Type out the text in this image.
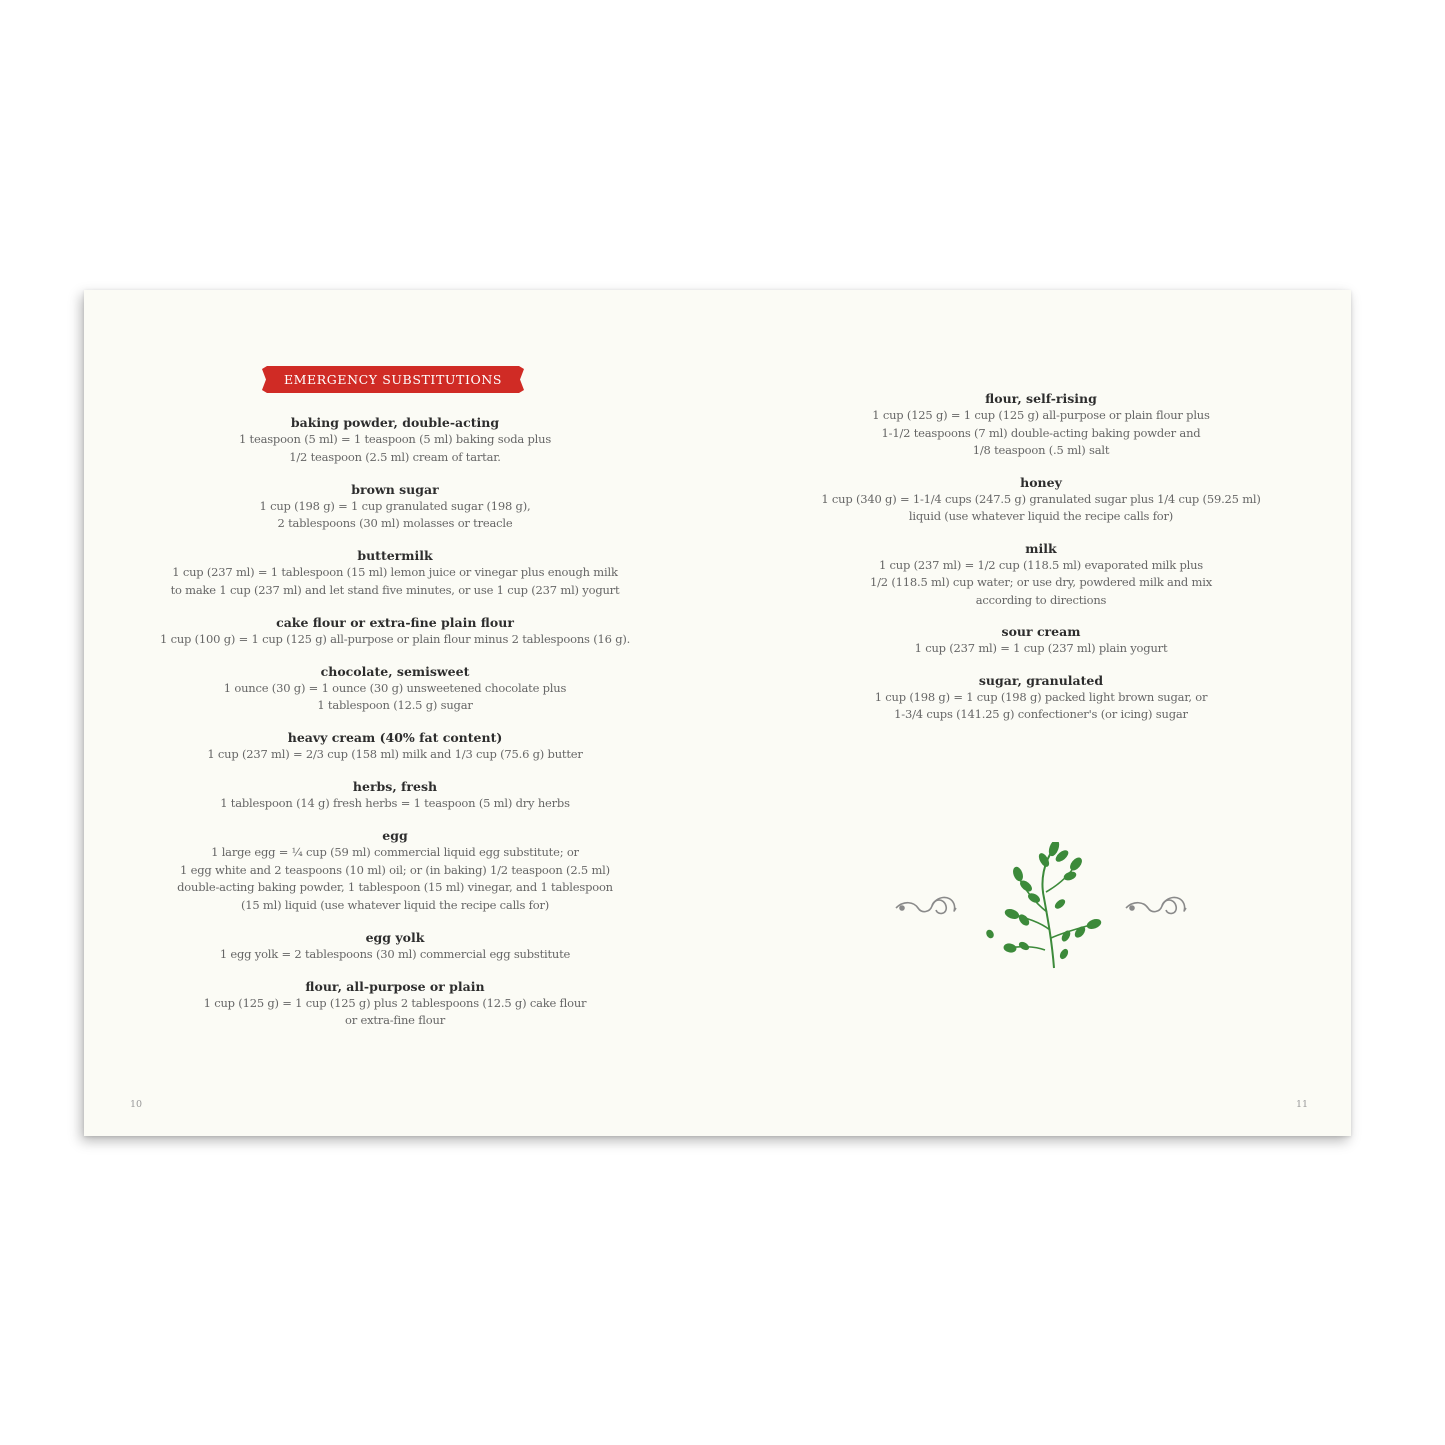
EMERGENCY SUBSTITUTIONS
baking powder, double-acting
1 teaspoon (5 ml) = 1 teaspoon (5 ml) baking soda plus
1/2 teaspoon (2.5 ml) cream of tartar.
brown sugar
1 cup (198 g) = 1 cup granulated sugar (198 g),
2 tablespoons (30 ml) molasses or treacle
buttermilk
1 cup (237 ml) = 1 tablespoon (15 ml) lemon juice or vinegar plus enough milk
to make 1 cup (237 ml) and let stand five minutes, or use 1 cup (237 ml) yogurt
cake flour or extra-fine plain flour
1 cup (100 g) = 1 cup (125 g) all-purpose or plain flour minus 2 tablespoons (16 g).
chocolate, semisweet
1 ounce (30 g) = 1 ounce (30 g) unsweetened chocolate plus
1 tablespoon (12.5 g) sugar
heavy cream (40% fat content)
1 cup (237 ml) = 2/3 cup (158 ml) milk and 1/3 cup (75.6 g) butter
herbs, fresh
1 tablespoon (14 g) fresh herbs = 1 teaspoon (5 ml) dry herbs
egg
1 large egg = ¼ cup (59 ml) commercial liquid egg substitute; or
1 egg white and 2 teaspoons (10 ml) oil; or (in baking) 1/2 teaspoon (2.5 ml)
double-acting baking powder, 1 tablespoon (15 ml) vinegar, and 1 tablespoon
(15 ml) liquid (use whatever liquid the recipe calls for)
egg yolk
1 egg yolk = 2 tablespoons (30 ml) commercial egg substitute
flour, all-purpose or plain
1 cup (125 g) = 1 cup (125 g) plus 2 tablespoons (12.5 g) cake flour
or extra-fine flour
flour, self-rising
1 cup (125 g) = 1 cup (125 g) all-purpose or plain flour plus
1-1/2 teaspoons (7 ml) double-acting baking powder and
1/8 teaspoon (.5 ml) salt
honey
1 cup (340 g) = 1-1/4 cups (247.5 g) granulated sugar plus 1/4 cup (59.25 ml)
liquid (use whatever liquid the recipe calls for)
milk
1 cup (237 ml) = 1/2 cup (118.5 ml) evaporated milk plus
1/2 (118.5 ml) cup water; or use dry, powdered milk and mix
according to directions
sour cream
1 cup (237 ml) = 1 cup (237 ml) plain yogurt
sugar, granulated
1 cup (198 g) = 1 cup (198 g) packed light brown sugar, or
1-3/4 cups (141.25 g) confectioner's (or icing) sugar
10	11
